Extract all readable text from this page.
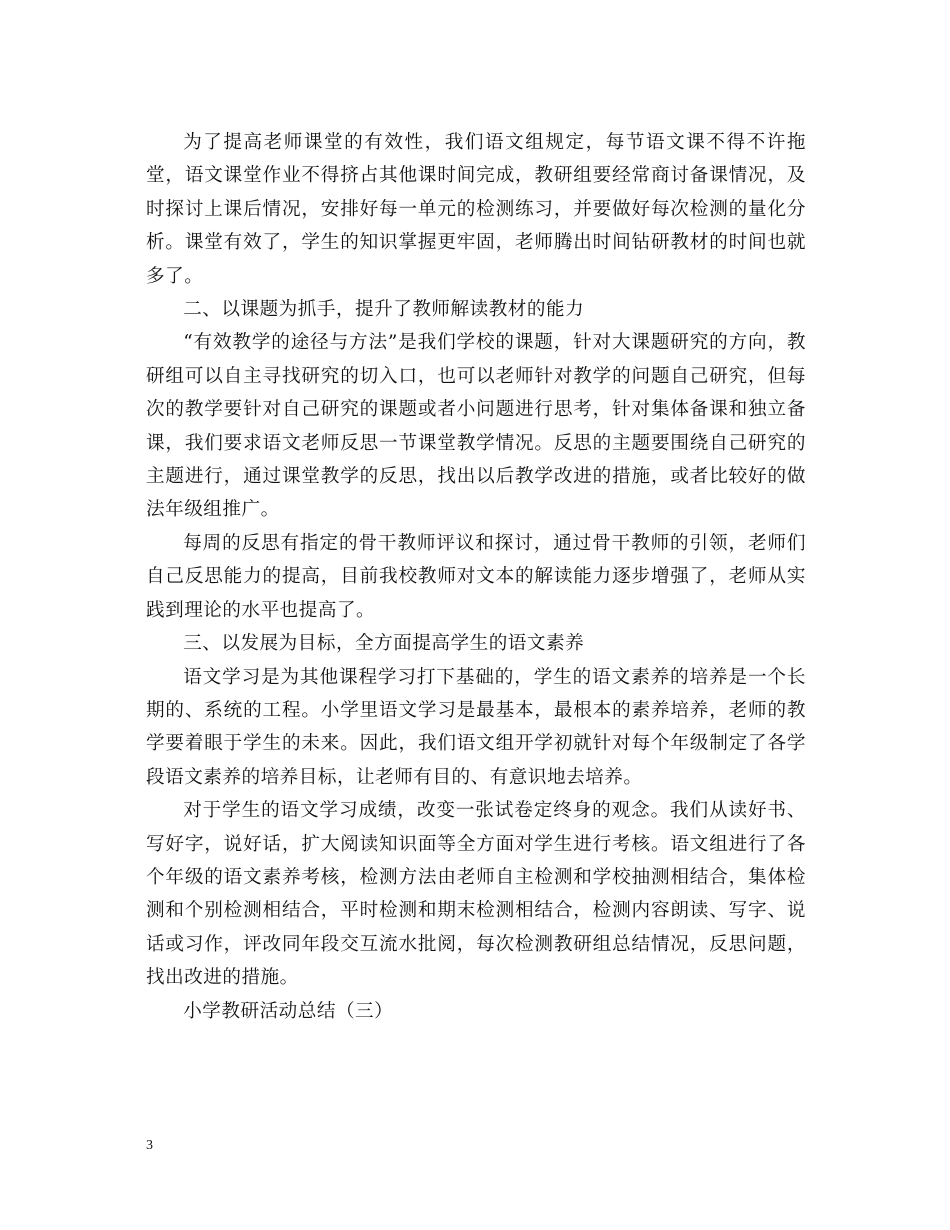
为了提高老师课堂的有效性，我们语文组规定，每节语文课不得不许拖堂，语文课堂作业不得挤占其他课时间完成，教研组要经常商讨备课情况，及时探讨上课后情况，安排好每一单元的检测练习，并要做好每次检测的量化分析。课堂有效了，学生的知识掌握更牢固，老师腾出时间钻研教材的时间也就多了。

二、以课题为抓手，提升了教师解读教材的能力

“有效教学的途径与方法”是我们学校的课题，针对大课题研究的方向，教研组可以自主寻找研究的切入口，也可以老师针对教学的问题自己研究，但每次的教学要针对自己研究的课题或者小问题进行思考，针对集体备课和独立备课，我们要求语文老师反思一节课堂教学情况。反思的主题要围绕自己研究的主题进行，通过课堂教学的反思，找出以后教学改进的措施，或者比较好的做法年级组推广。

每周的反思有指定的骨干教师评议和探讨，通过骨干教师的引领，老师们自己反思能力的提高，目前我校教师对文本的解读能力逐步增强了，老师从实践到理论的水平也提高了。

三、以发展为目标，全方面提高学生的语文素养

语文学习是为其他课程学习打下基础的，学生的语文素养的培养是一个长期的、系统的工程。小学里语文学习是最基本，最根本的素养培养，老师的教学要着眼于学生的未来。因此，我们语文组开学初就针对每个年级制定了各学段语文素养的培养目标，让老师有目的、有意识地去培养。

对于学生的语文学习成绩，改变一张试卷定终身的观念。我们从读好书、写好字，说好话，扩大阅读知识面等全方面对学生进行考核。语文组进行了各个年级的语文素养考核，检测方法由老师自主检测和学校抽测相结合，集体检测和个别检测相结合，平时检测和期末检测相结合，检测内容朗读、写字、说话或习作，评改同年段交互流水批阅，每次检测教研组总结情况，反思问题，找出改进的措施。

小学教研活动总结（三）

3
